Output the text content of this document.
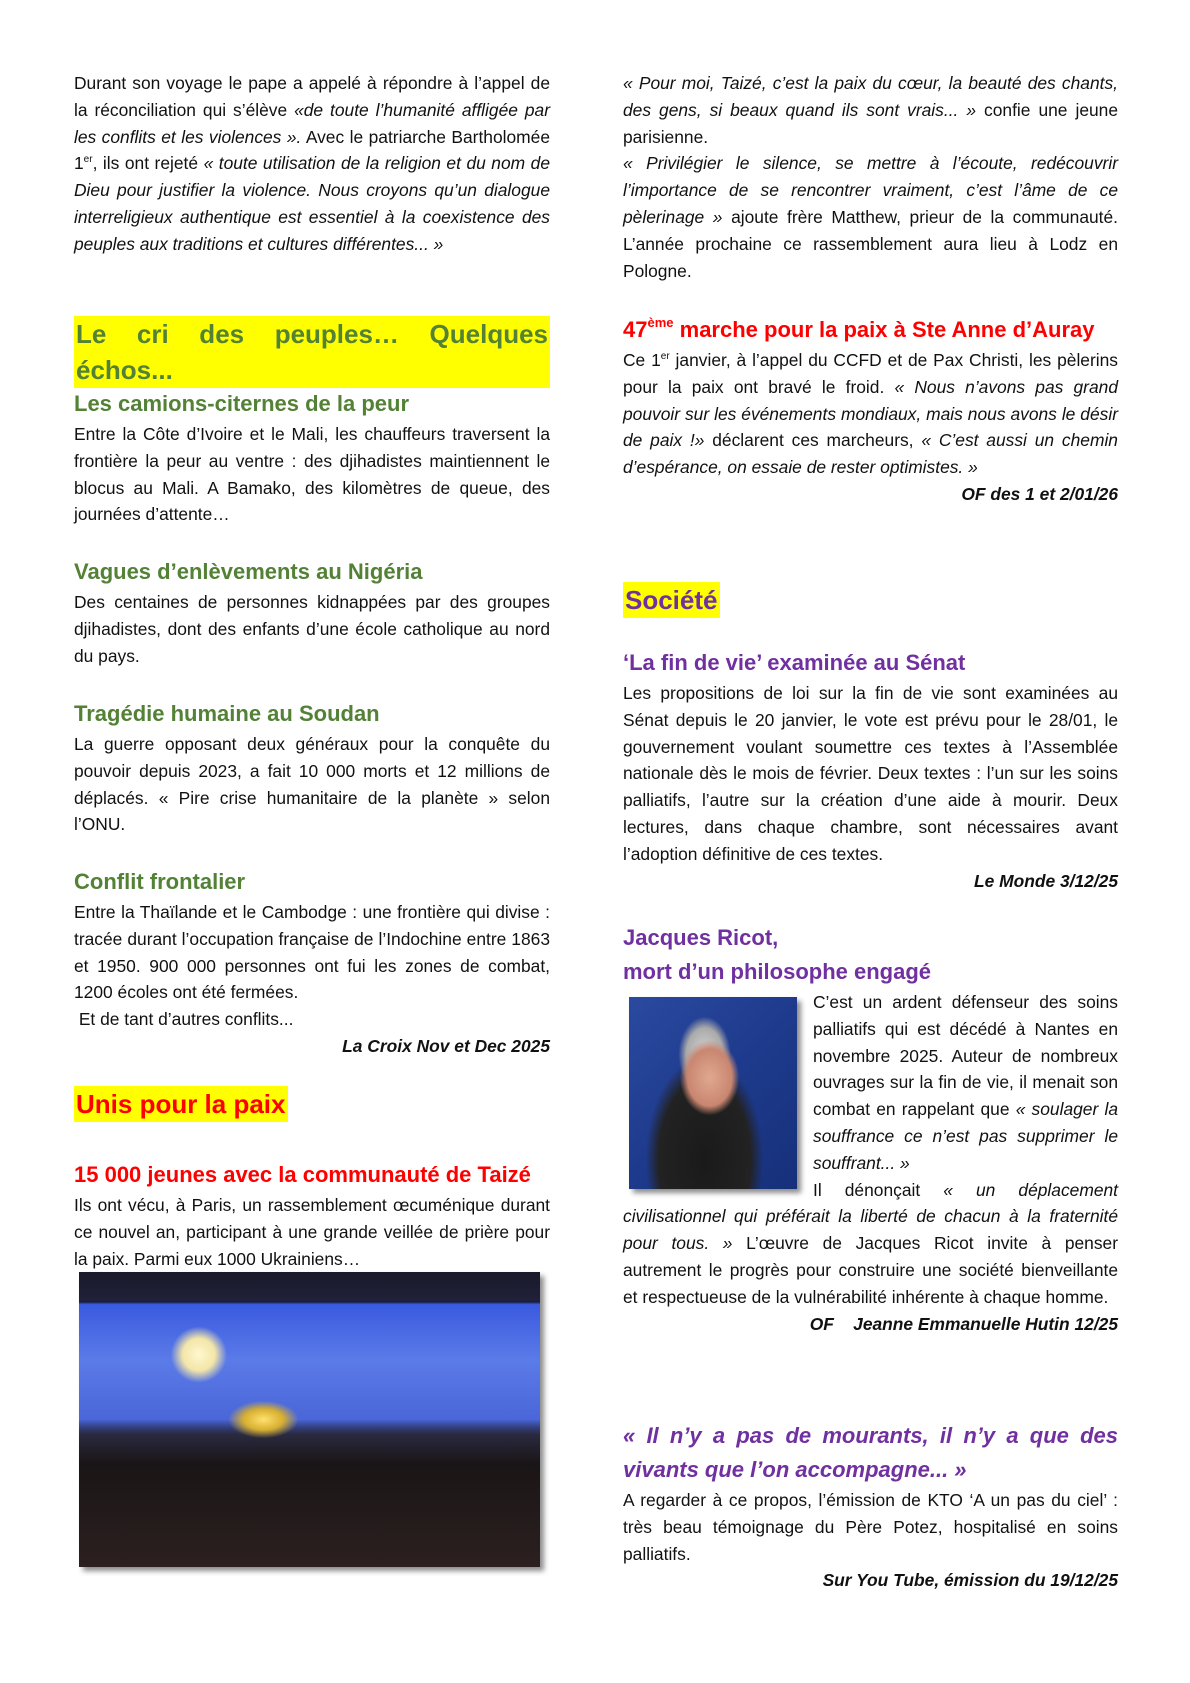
Durant son voyage le pape a appelé à répondre à l’appel de la réconciliation qui s’élève «de toute l’humanité affligée par les conflits et les violences ». Avec le patriarche Bartholomée 1er, ils ont rejeté « toute utilisation de la religion et du nom de Dieu pour justifier la violence. Nous croyons qu’un dialogue interreligieux authentique est essentiel à la coexistence des peuples aux traditions et cultures différentes... »
Le cri des peuples… Quelques échos...
Les camions-citernes de la peur
Entre la Côte d’Ivoire et le Mali, les chauffeurs traversent la frontière la peur au ventre : des djihadistes maintiennent le blocus au Mali. A Bamako, des kilomètres de queue, des journées d’attente…
Vagues d’enlèvements au Nigéria
Des centaines de personnes kidnappées par des groupes djihadistes, dont des enfants d’une école catholique au nord du pays.
Tragédie humaine au Soudan
La guerre opposant deux généraux pour la conquête du pouvoir depuis 2023, a fait 10 000 morts et 12 millions de déplacés. « Pire crise humanitaire de la planète » selon l’ONU.
Conflit frontalier
Entre la Thaïlande et le Cambodge : une frontière qui divise : tracée durant l’occupation française de l’Indochine entre 1863 et 1950. 900 000 personnes ont fui les zones de combat, 1200 écoles ont été fermées.
Et de tant d’autres conflits...
La Croix Nov et Dec 2025
Unis pour la paix
15 000 jeunes avec la communauté de Taizé
Ils ont vécu, à Paris, un rassemblement œcuménique durant ce nouvel an, participant à une grande veillée de prière pour la paix. Parmi eux 1000 Ukrainiens…
« Pour moi, Taizé, c’est la paix du cœur, la beauté des chants, des gens, si beaux quand ils sont vrais... » confie une jeune parisienne.
« Privilégier le silence, se mettre à l’écoute, redécouvrir l’importance de se rencontrer vraiment, c’est l’âme de ce pèlerinage » ajoute frère Matthew, prieur de la communauté. L’année prochaine ce rassemblement aura lieu à Lodz en Pologne.
47ème marche pour la paix à Ste Anne d’Auray
Ce 1er janvier, à l’appel du CCFD et de Pax Christi, les pèlerins pour la paix ont bravé le froid. « Nous n’avons pas grand pouvoir sur les événements mondiaux, mais nous avons le désir de paix !» déclarent ces marcheurs, « C’est aussi un chemin d’espérance, on essaie de rester optimistes. »
OF des 1 et 2/01/26
Société
‘La fin de vie’ examinée au Sénat
Les propositions de loi sur la fin de vie sont examinées au Sénat depuis le 20 janvier, le vote est prévu pour le 28/01, le gouvernement voulant soumettre ces textes à l’Assemblée nationale dès le mois de février. Deux textes : l’un sur les soins palliatifs, l’autre sur la création d’une aide à mourir. Deux lectures, dans chaque chambre, sont nécessaires avant l’adoption définitive de ces textes.
Le Monde 3/12/25
Jacques Ricot,
mort d’un philosophe engagé
C’est un ardent défenseur des soins palliatifs qui est décédé à Nantes en novembre 2025. Auteur de nombreux ouvrages sur la fin de vie, il menait son combat en rappelant que « soulager la souffrance ce n’est pas supprimer le souffrant... »
Il dénonçait « un déplacement civilisationnel qui préférait la liberté de chacun à la fraternité pour tous. » L’œuvre de Jacques Ricot invite à penser autrement le progrès pour construire une société bienveillante et respectueuse de la vulnérabilité inhérente à chaque homme.
OF    Jeanne Emmanuelle Hutin 12/25
« Il n’y a pas de mourants, il n’y a que des vivants que l’on accompagne... »
A regarder à ce propos, l’émission de KTO ‘A un pas du ciel’ : très beau témoignage du Père Potez, hospitalisé en soins palliatifs.
Sur You Tube, émission du 19/12/25
